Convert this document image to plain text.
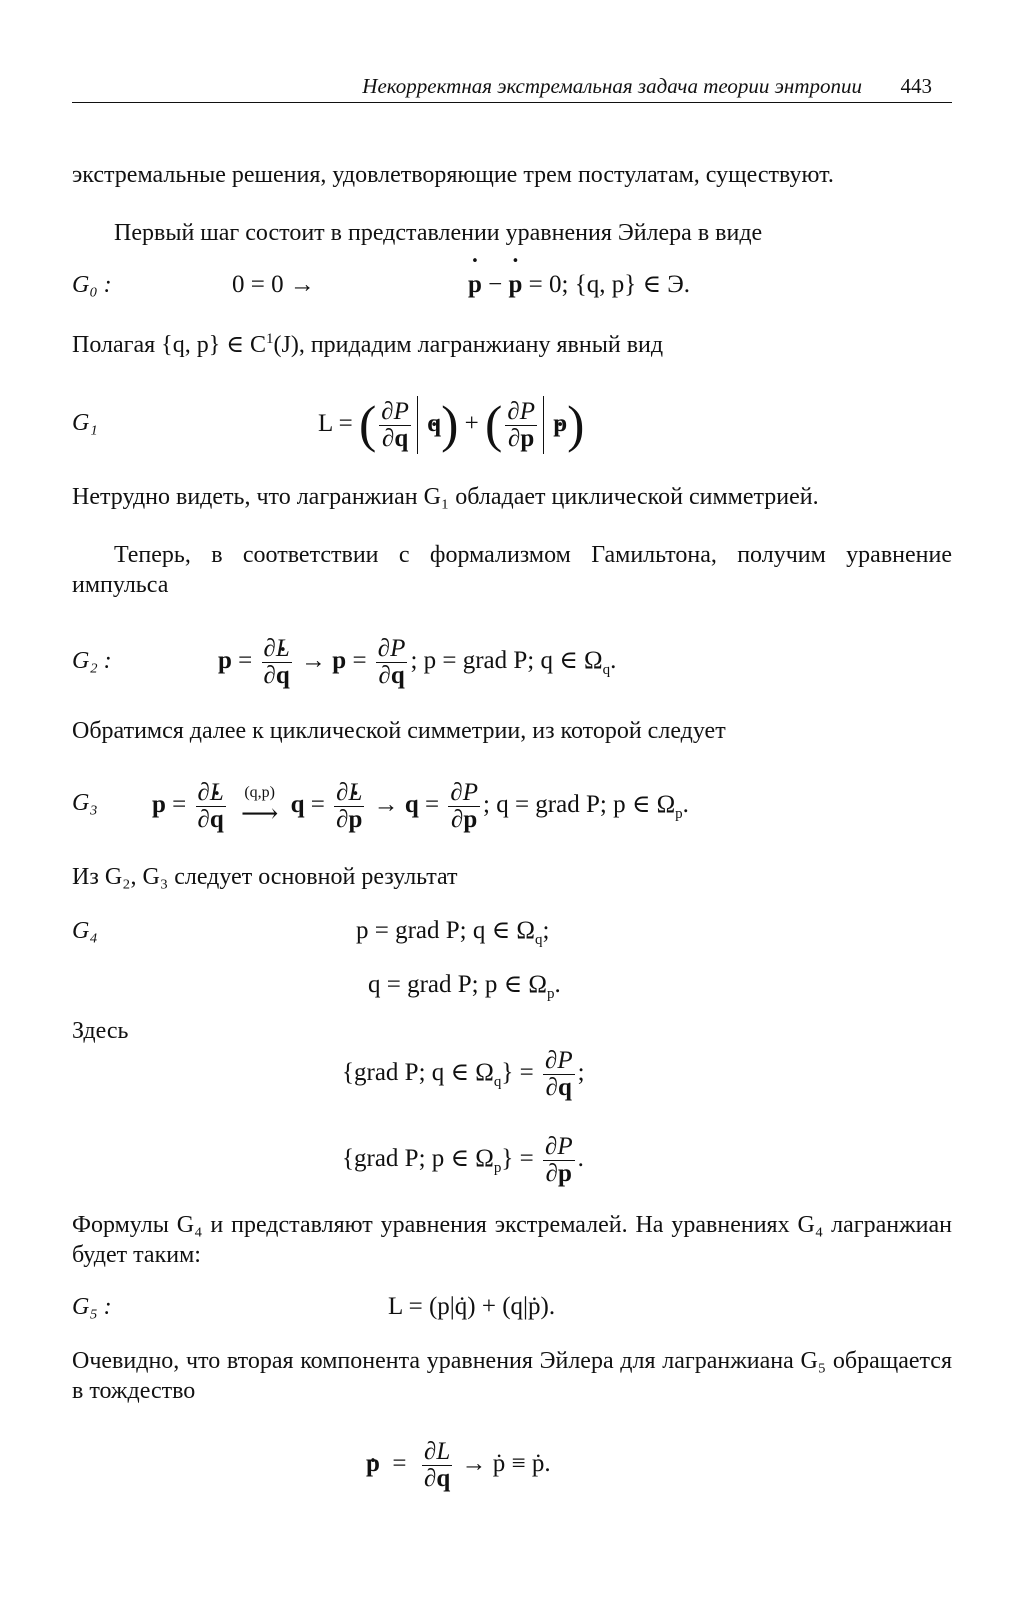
Некорректная экстремальная задача теории энтропии 443

экстремальные решения, удовлетворяющие трем постулатам, существуют.

Первый шаг состоит в представлении уравнения Эйлера в виде

G₀ :	0 = 0 →	p ˙ − p ˙ = 0; {q, p} ∈ Э.

Полагая {q, p} ∈ $C^1(J)$, придадим лагранжиану явный вид

G₁	L = ( $\frac{\partial P}{\partial q}$ q ˙) + ( $\frac{\partial P}{\partial p}$ p ˙)

Нетрудно видеть, что лагранжиан G₁ обладает циклической симметрией.

Теперь, в соответствии с формализмом Гамильтона, получим уравнение импульса

G₂ :	$p = \frac{\partial L}{\partial q}$ ˙ → $p = \frac{\partial P}{\partial q}$ ; p = grad P; q ∈ $\Omega_q$.

Обратимся далее к циклической симметрии, из которой следует

G₃ $p = \frac{\partial L}{\partial q}$ ˙
(q,p)
⟶ $q = \frac{\partial L}{\partial p}$ ˙ → $q = \frac{\partial P}{\partial p}$ ; q = grad P; p ∈ $\Omega_p$.

Из G₂, G₃ следует основной результат

G₄	p = grad P; q ∈ $\Omega_q$;
q = grad P; p ∈ $\Omega_p$.

Здесь

{grad P; q ∈ $\Omega_q\} = \frac{\partial P}{\partial q}$ ;
{grad P; p ∈ $\Omega_p\} = \frac{\partial P}{\partial p}$ .

Формулы G₄ и представляют уравнения экстремалей. На уравнениях G₄ лагранжиан будет таким:

G₅ :	L = (p|q̇) + (q|ṗ).

Очевидно, что вторая компонента уравнения Эйлера для лагранжиана G₅ обращается в тождество

p ˙  = $\frac{\partial L}{\partial q}$ → ṗ ≡ ṗ.
